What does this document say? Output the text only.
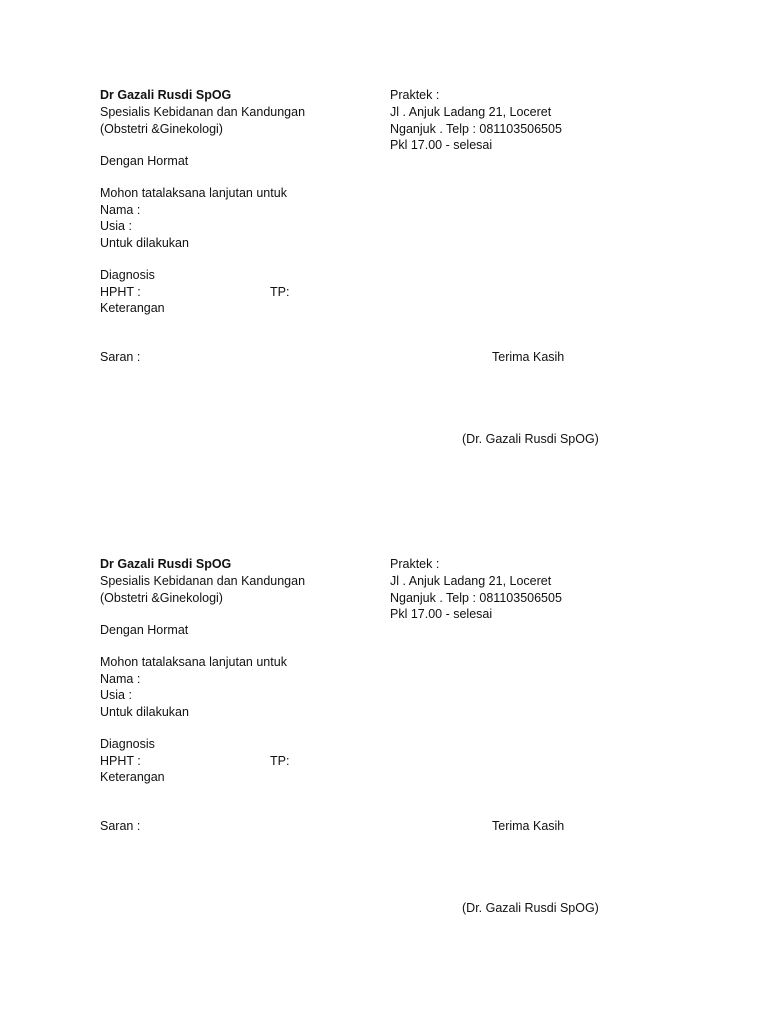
Dr Gazali Rusdi SpOG
Spesialis Kebidanan dan Kandungan
(Obstetri &Ginekologi)
Praktek :
Jl . Anjuk Ladang 21, Loceret
Nganjuk . Telp : 081103506505
Pkl 17.00 - selesai
Dengan Hormat
Mohon tatalaksana lanjutan untuk
Nama :
Usia :
Untuk dilakukan
Diagnosis
HPHT :	TP:
Keterangan
Saran :	Terima Kasih
(Dr. Gazali Rusdi SpOG)
Dr Gazali Rusdi SpOG
Spesialis Kebidanan dan Kandungan
(Obstetri &Ginekologi)
Praktek :
Jl . Anjuk Ladang 21, Loceret
Nganjuk . Telp : 081103506505
Pkl 17.00 - selesai
Dengan Hormat
Mohon tatalaksana lanjutan untuk
Nama :
Usia :
Untuk dilakukan
Diagnosis
HPHT :	TP:
Keterangan
Saran :	Terima Kasih
(Dr. Gazali Rusdi SpOG)
